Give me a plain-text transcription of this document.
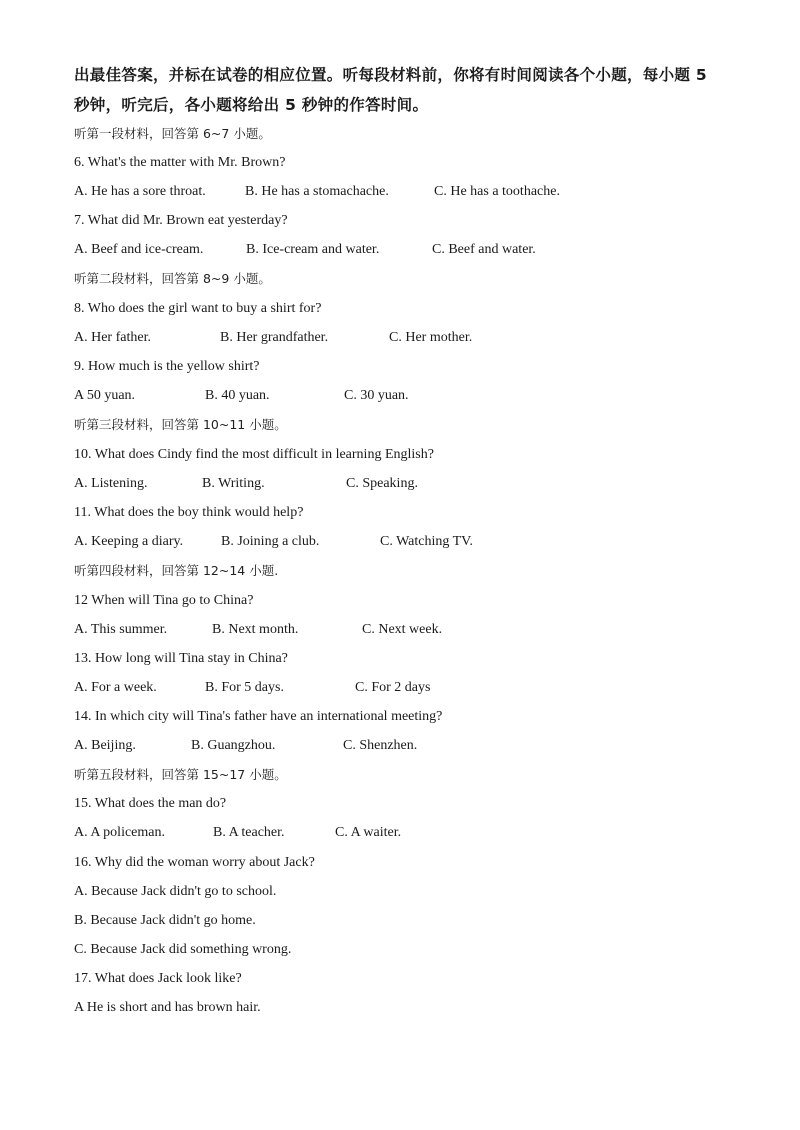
出最佳答案，并标在试卷的相应位置。听每段材料前，你将有时间阅读各个小题，每小题 5
秒钟，听完后，各小题将给出 5 秒钟的作答时间。
听第一段材料，回答第 6~7 小题。
6. What's the matter with Mr. Brown?
A. He has a sore throat.	B. He has a stomachache.	C. He has a toothache.
7. What did Mr. Brown eat yesterday?
A. Beef and ice-cream.	B. Ice-cream and water.	C. Beef and water.
听第二段材料，回答第 8~9 小题。
8. Who does the girl want to buy a shirt for?
A. Her father.	B. Her grandfather.	C. Her mother.
9. How much is the yellow shirt?
A 50 yuan.	B. 40 yuan.	C. 30 yuan.
听第三段材料，回答第 10~11 小题。
10. What does Cindy find the most difficult in learning English?
A. Listening.	B. Writing.	C. Speaking.
11. What does the boy think would help?
A. Keeping a diary.	B. Joining a club.	C. Watching TV.
听第四段材料，回答第 12~14 小题.
12 When will Tina go to China?
A. This summer.	B. Next month.	C. Next week.
13. How long will Tina stay in China?
A. For a week.	B. For 5 days.	C. For 2 days
14. In which city will Tina's father have an international meeting?
A. Beijing.	B. Guangzhou.	C. Shenzhen.
听第五段材料，回答第 15~17 小题。
15. What does the man do?
A. A policeman.	B. A teacher.	C. A waiter.
16. Why did the woman worry about Jack?
A. Because Jack didn't go to school.
B. Because Jack didn't go home.
C. Because Jack did something wrong.
17. What does Jack look like?
A He is short and has brown hair.
